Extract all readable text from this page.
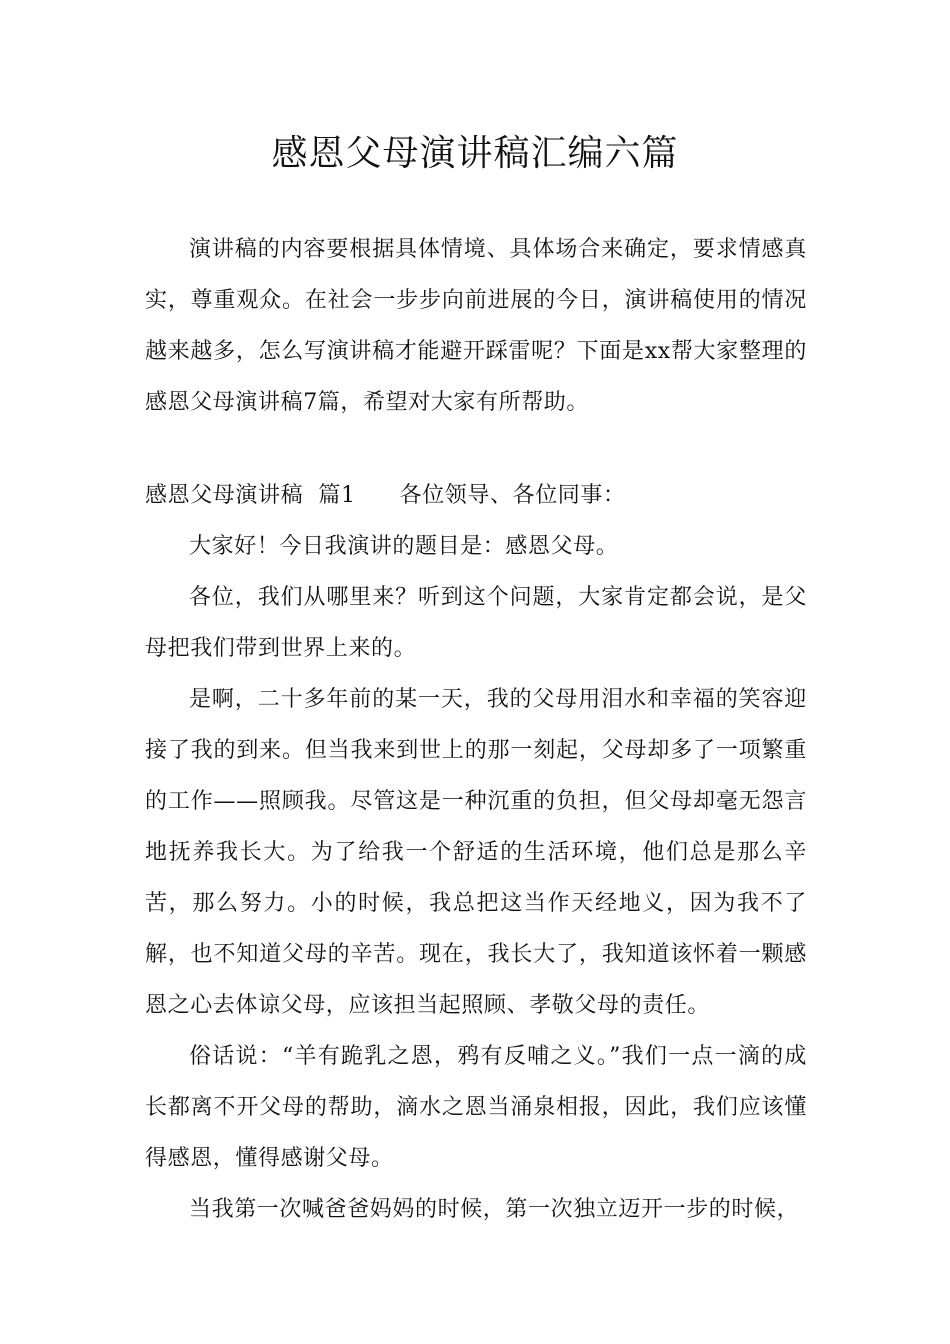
感恩父母演讲稿汇编六篇

演讲稿的内容要根据具体情境、具体场合来确定，要求情感真实，尊重观众。在社会一步步向前进展的今日，演讲稿使用的情况越来越多，怎么写演讲稿才能避开踩雷呢？下面是xx帮大家整理的感恩父母演讲稿7篇，希望对大家有所帮助。

感恩父母演讲稿  篇1 各位领导、各位同事：

大家好！今日我演讲的题目是：感恩父母。

各位，我们从哪里来？听到这个问题，大家肯定都会说，是父母把我们带到世界上来的。

是啊，二十多年前的某一天，我的父母用泪水和幸福的笑容迎接了我的到来。但当我来到世上的那一刻起，父母却多了一项繁重的工作——照顾我。尽管这是一种沉重的负担，但父母却毫无怨言地抚养我长大。为了给我一个舒适的生活环境，他们总是那么辛苦，那么努力。小的时候，我总把这当作天经地义，因为我不了解，也不知道父母的辛苦。现在，我长大了，我知道该怀着一颗感恩之心去体谅父母，应该担当起照顾、孝敬父母的责任。

俗话说：“羊有跪乳之恩，鸦有反哺之义。”我们一点一滴的成长都离不开父母的帮助，滴水之恩当涌泉相报，因此，我们应该懂得感恩，懂得感谢父母。

当我第一次喊爸爸妈妈的时候，第一次独立迈开一步的时候，
